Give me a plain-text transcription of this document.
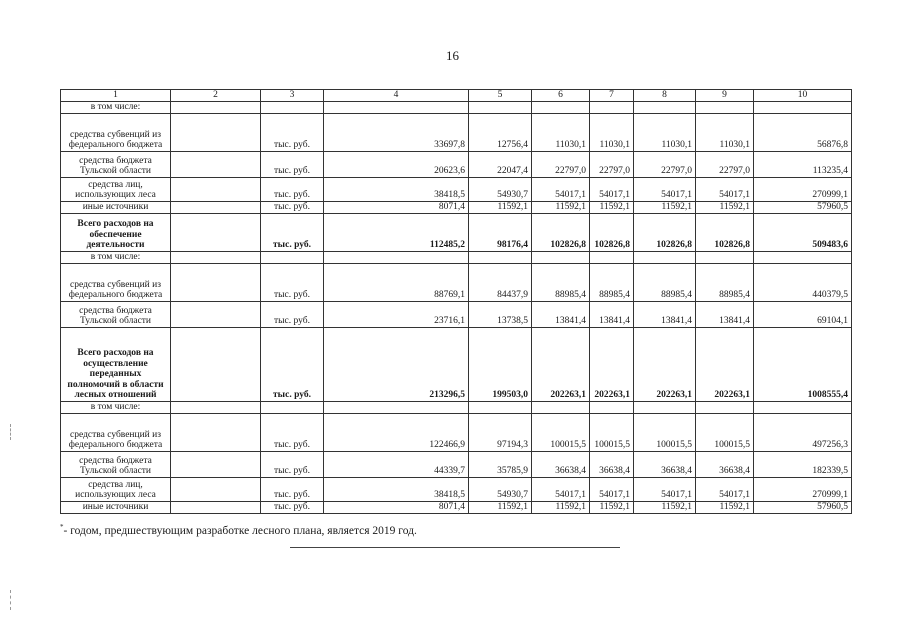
16
1	2	3	4	5	6	7	8	9	10
в том числе:									
средства субвенций из федерального бюджета		тыс. руб.	33697,8	12756,4	11030,1	11030,1	11030,1	11030,1	56876,8
средства бюджета Тульской области		тыс. руб.	20623,6	22047,4	22797,0	22797,0	22797,0	22797,0	113235,4
средства лиц, использующих леса		тыс. руб.	38418,5	54930,7	54017,1	54017,1	54017,1	54017,1	270999,1
иные источники		тыс. руб.	8071,4	11592,1	11592,1	11592,1	11592,1	11592,1	57960,5
Всего расходов на обеспечение деятельности		тыс. руб.	112485,2	98176,4	102826,8	102826,8	102826,8	102826,8	509483,6
в том числе:									
средства субвенций из федерального бюджета		тыс. руб.	88769,1	84437,9	88985,4	88985,4	88985,4	88985,4	440379,5
средства бюджета Тульской области		тыс. руб.	23716,1	13738,5	13841,4	13841,4	13841,4	13841,4	69104,1
Всего расходов на осуществление переданных полномочий в области лесных отношений		тыс. руб.	213296,5	199503,0	202263,1	202263,1	202263,1	202263,1	1008555,4
в том числе:									
средства субвенций из федерального бюджета		тыс. руб.	122466,9	97194,3	100015,5	100015,5	100015,5	100015,5	497256,3
средства бюджета Тульской области		тыс. руб.	44339,7	35785,9	36638,4	36638,4	36638,4	36638,4	182339,5
средства лиц, использующих леса		тыс. руб.	38418,5	54930,7	54017,1	54017,1	54017,1	54017,1	270999,1
иные источники		тыс. руб.	8071,4	11592,1	11592,1	11592,1	11592,1	11592,1	57960,5
*- годом, предшествующим разработке лесного плана, является 2019 год.
